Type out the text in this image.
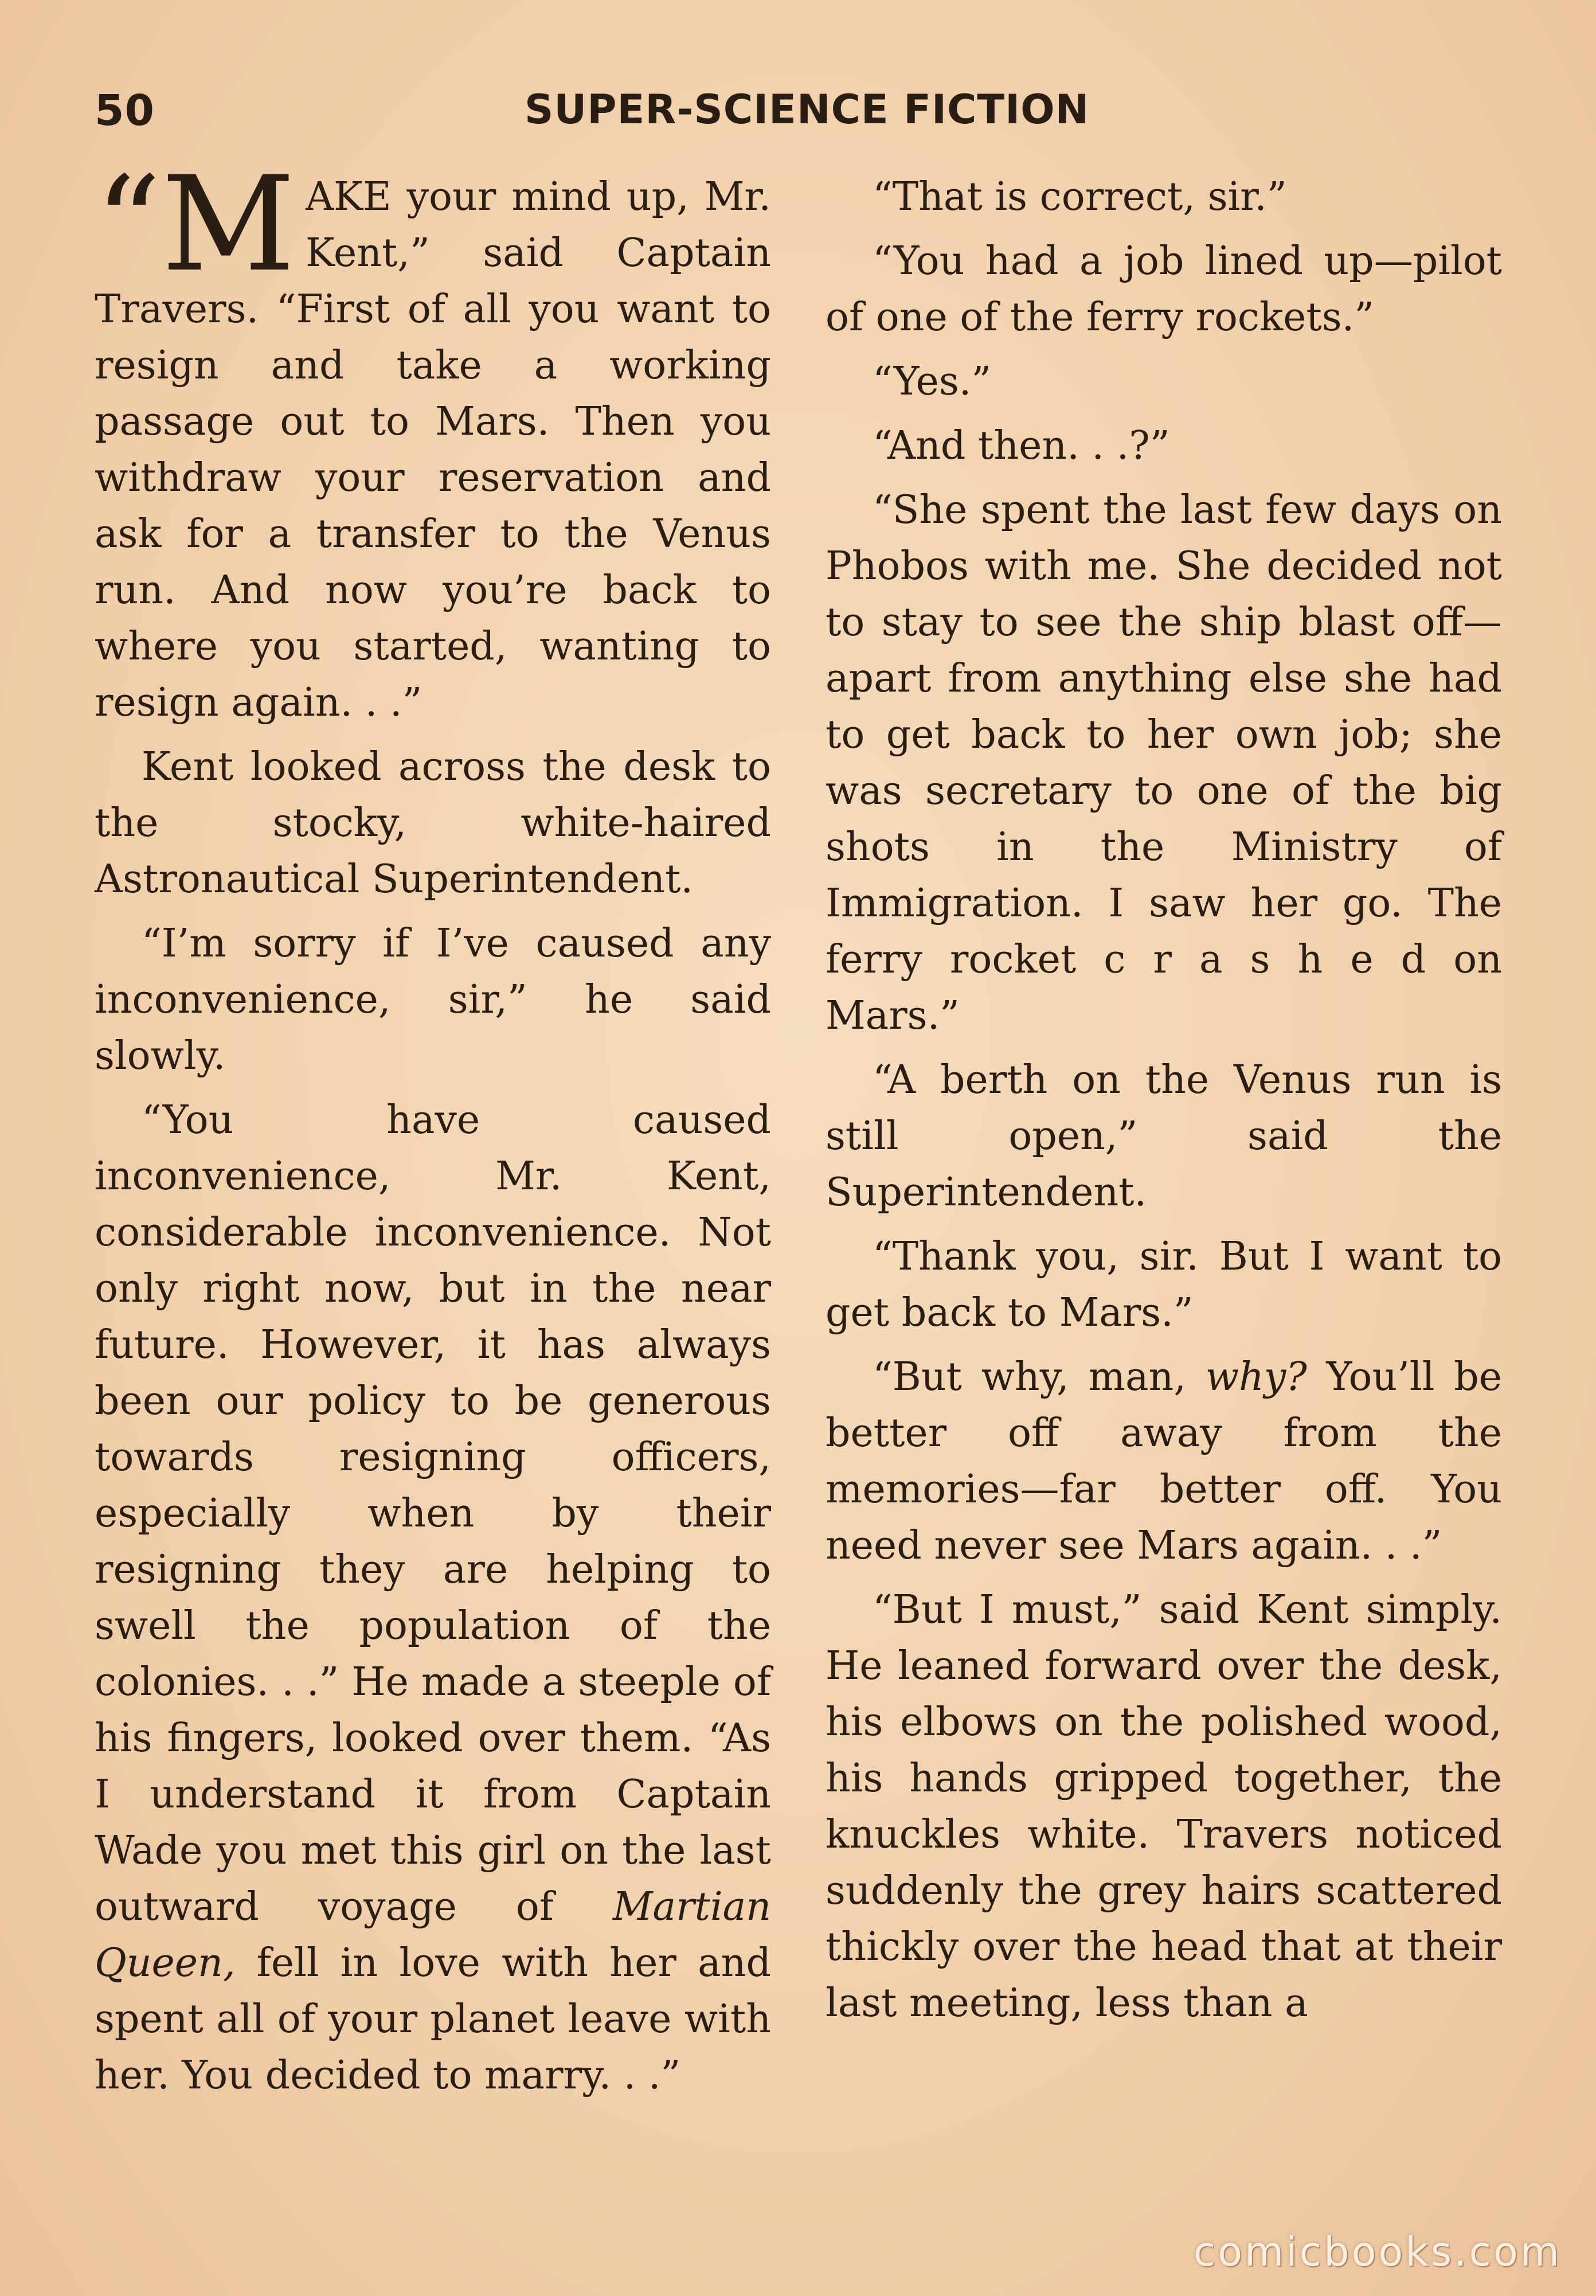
50	SUPER-SCIENCE FICTION

“M AKE your mind up, Mr. Kent,” said Captain Travers. “First of all you want to resign and take a working passage out to Mars. Then you withdraw your reservation and ask for a transfer to the Venus run. And now you’re back to where you started, wanting to resign again. . .”

Kent looked across the desk to the stocky, white-haired Astronautical Superintendent.

“I’m sorry if I’ve caused any inconvenience, sir,” he said slowly.

“You have caused inconvenience, Mr. Kent, considerable inconvenience. Not only right now, but in the near future. However, it has always been our policy to be generous towards resigning officers, especially when by their resigning they are helping to swell the population of the colonies. . .” He made a steeple of his fingers, looked over them. “As I understand it from Captain Wade you met this girl on the last outward voyage of Martian Queen, fell in love with her and spent all of your planet leave with her. You decided to marry. . .”

“That is correct, sir.”

“You had a job lined up—pilot of one of the ferry rockets.”

“Yes.”

“And then. . .?”

“She spent the last few days on Phobos with me. She decided not to stay to see the ship blast off—apart from anything else she had to get back to her own job; she was secretary to one of the big shots in the Ministry of Immigration. I saw her go. The ferry rocket c r a s h e d on Mars.”

“A berth on the Venus run is still open,” said the Superintendent.

“Thank you, sir. But I want to get back to Mars.”

“But why, man, why? You’ll be better off away from the memories—far better off. You need never see Mars again. . .”

“But I must,” said Kent simply. He leaned forward over the desk, his elbows on the polished wood, his hands gripped together, the knuckles white. Travers noticed suddenly the grey hairs scattered thickly over the head that at their last meeting, less than a

comicbooks.com
